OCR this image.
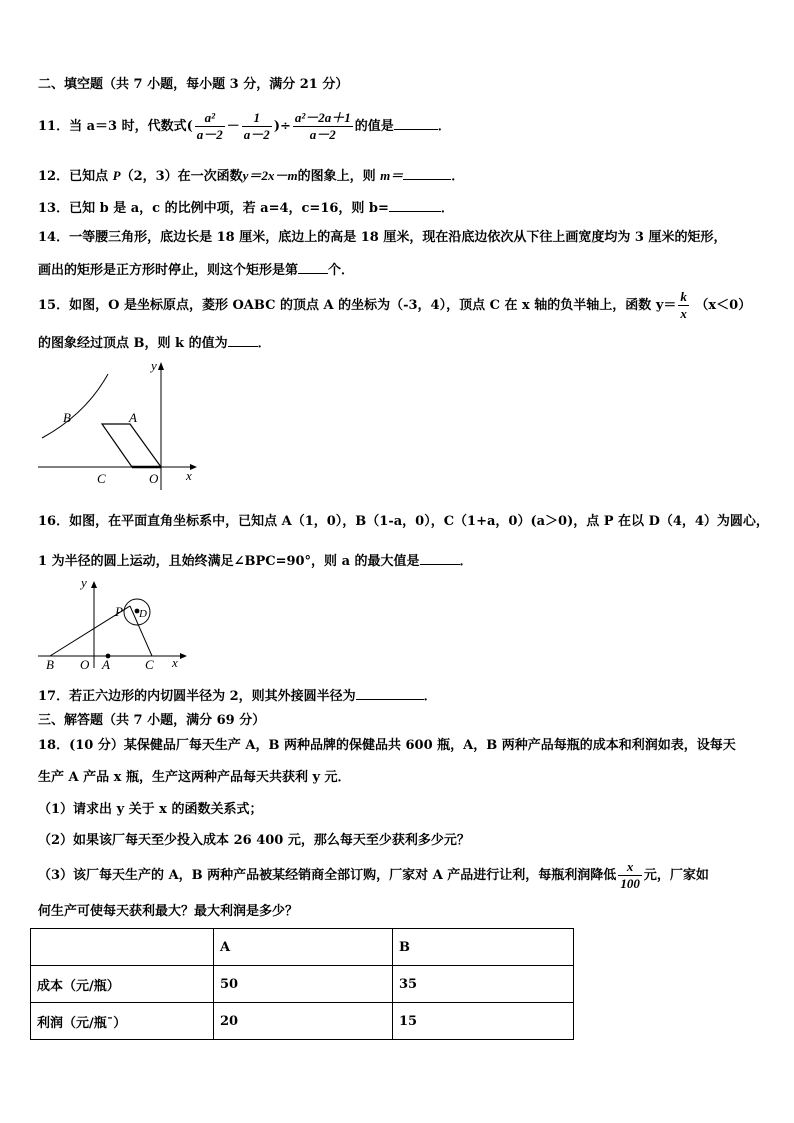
二、填空题（共 7 小题，每小题 3 分，满分 21 分）
11．当 a＝3 时，代数式( $\frac{\text{a²}}{a-2} - \frac{1}{a-2}$ )÷ $\frac{\text{a²－2a＋1}}{a-2}$ 的值是	．
12．已知点 P（2，3）在一次函数y＝2x－m的图象上，则 m＝	．
13．已知 b 是 a，c 的比例中项，若 a=4，c=16，则 b=	．
14．一等腰三角形，底边长是 18 厘米，底边上的高是 18 厘米，现在沿底边依次从下往上画宽度均为 3 厘米的矩形，
画出的矩形是正方形时停止，则这个矩形是第 个．
15．如图，O 是坐标原点，菱形 OABC 的顶点 A 的坐标为（-3，4），顶点 C 在 x 轴的负半轴上，函数 $y= \frac{k}{x} (x<0)$
的图象经过顶点 B，则 k 的值为 ．
B	A
C	O x
y
16．如图，在平面直角坐标系中，已知点 A（1，0），B（1-a，0），C（1+a，0）(a＞0)，点 P 在以 D（4，4）为圆心，
1 为半径的圆上运动，且始终满足∠BPC=90°，则 a 的最大值是	．
y
P D
B O A	C x
17．若正六边形的内切圆半径为 2，则其外接圆半径为	．
三、解答题（共 7 小题，满分 69 分）
18．(10 分）某保健品厂每天生产 A，B 两种品牌的保健品共 600 瓶，A，B 两种产品每瓶的成本和利润如表，设每天
生产 A 产品 x 瓶，生产这两种产品每天共获利 y 元．
（1）请求出 y 关于 x 的函数关系式；
（2）如果该厂每天至少投入成本 26 400 元，那么每天至少获利多少元？
（3）该厂每天生产的 A，B 两种产品被某经销商全部订购，厂家对 A 产品进行让利，每瓶利润降低 $\frac{x}{100}$ 元，厂家如
何生产可使每天获利最大？最大利润是多少？
	A	B
成本（元/瓶）	50	35
利润（元/瓶ˉ）	20	15
